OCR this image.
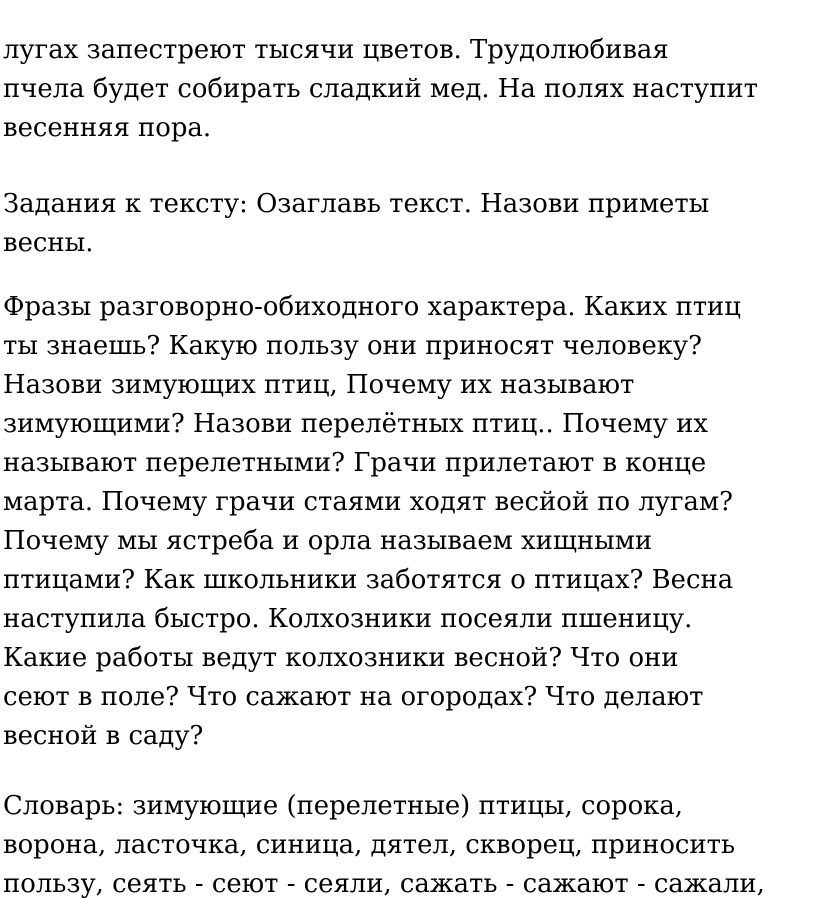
лугах запестреют тысячи цветов. Трудолюбивая
пчела будет собирать сладкий мед. На полях наступит
весенняя пора.

Задания к тексту: Озаглавь текст. Назови приметы
весны.

Фразы разговорно-обиходного характера. Каких птиц
ты знаешь? Какую пользу они приносят человеку?
Назови зимующих птиц, Почему их называют
зимующими? Назови перелётных птиц.. Почему их
называют перелетными? Грачи прилетают в конце
марта. Почему грачи стаями ходят весйой по лугам?
Почему мы ястреба и орла называем хищными
птицами? Как школьники заботятся о птицах? Весна
наступила быстро. Колхозники посеяли пшеницу.
Какие работы ведут колхозники весной? Что они
сеют в поле? Что сажают на огородах? Что делают
весной в саду?

Словарь: зимующие (перелетные) птицы, сорока,
ворона, ласточка, синица, дятел, скворец, приносить
пользу, сеять - сеют - сеяли, сажать - сажают - сажали,
